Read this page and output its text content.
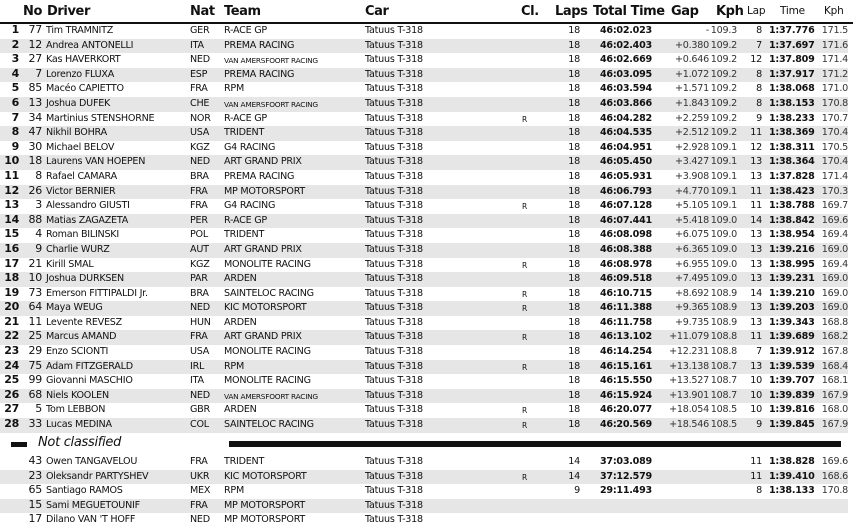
No Driver	Nat Team	Car	Cl. Laps Total Time Gap Kph Lap Time Kph
1 77 Tim TRAMNITZ	GER R-ACE GP	Tatuus T-318	18 46:02.023	- 109.3 8 1:37.776 171.5
2 12 Andrea ANTONELLI	ITA PREMA RACING	Tatuus T-318	18 46:02.403 +0.380 109.2 7 1:37.697 171.6
3 27 Kas HAVERKORT	NED VAN AMERSFOORT RACING	Tatuus T-318	18 46:02.669 +0.646 109.2 12 1:37.809 171.4
4 7 Lorenzo FLUXA	ESP PREMA RACING	Tatuus T-318	18 46:03.095 +1.072 109.2 8 1:37.917 171.2
5 85 Macéo CAPIETTO	FRA RPM	Tatuus T-318	18 46:03.594 +1.571 109.2 8 1:38.068 171.0
6 13 Joshua DUFEK	CHE VAN AMERSFOORT RACING	Tatuus T-318	18 46:03.866 +1.843 109.2 8 1:38.153 170.8
7 34 Martinius STENSHORNE	NOR R-ACE GP	Tatuus T-318	R	18 46:04.282 +2.259 109.2 9 1:38.233 170.7
8 47 Nikhil BOHRA	USA TRIDENT	Tatuus T-318	18 46:04.535 +2.512 109.2 11 1:38.369 170.4
9 30 Michael BELOV	KGZ G4 RACING	Tatuus T-318	18 46:04.951 +2.928 109.1 12 1:38.311 170.5
10 18 Laurens VAN HOEPEN	NED ART GRAND PRIX	Tatuus T-318	18 46:05.450 +3.427 109.1 13 1:38.364 170.4
11 8 Rafael CAMARA	BRA PREMA RACING	Tatuus T-318	18 46:05.931 +3.908 109.1 13 1:37.828 171.4
12 26 Victor BERNIER	FRA MP MOTORSPORT	Tatuus T-318	18 46:06.793 +4.770 109.1 11 1:38.423 170.3
13 3 Alessandro GIUSTI	FRA G4 RACING	Tatuus T-318	R	18 46:07.128 +5.105 109.1 11 1:38.788 169.7
14 88 Matias ZAGAZETA	PER R-ACE GP	Tatuus T-318	18 46:07.441 +5.418 109.0 14 1:38.842 169.6
15 4 Roman BILINSKI	POL TRIDENT	Tatuus T-318	18 46:08.098 +6.075 109.0 13 1:38.954 169.4
16 9 Charlie WURZ	AUT ART GRAND PRIX	Tatuus T-318	18 46:08.388 +6.365 109.0 13 1:39.216 169.0
17 21 Kirill SMAL	KGZ MONOLITE RACING	Tatuus T-318	R	18 46:08.978 +6.955 109.0 13 1:38.995 169.4
18 10 Joshua DURKSEN	PAR ARDEN	Tatuus T-318	18 46:09.518 +7.495 109.0 13 1:39.231 169.0
19 73 Emerson FITTIPALDI Jr.	BRA SAINTELOC RACING	Tatuus T-318	R	18 46:10.715 +8.692 108.9 14 1:39.210 169.0
20 64 Maya WEUG	NED KIC MOTORSPORT	Tatuus T-318	R	18 46:11.388 +9.365 108.9 13 1:39.203 169.0
21 11 Levente REVESZ	HUN ARDEN	Tatuus T-318	18 46:11.758 +9.735 108.9 13 1:39.343 168.8
22 25 Marcus AMAND	FRA ART GRAND PRIX	Tatuus T-318	R	18 46:13.102 +11.079 108.8 11 1:39.689 168.2
23 29 Enzo SCIONTI	USA MONOLITE RACING	Tatuus T-318	18 46:14.254 +12.231 108.8 7 1:39.912 167.8
24 75 Adam FITZGERALD	IRL RPM	Tatuus T-318	R	18 46:15.161 +13.138 108.7 13 1:39.539 168.4
25 99 Giovanni MASCHIO	ITA MONOLITE RACING	Tatuus T-318	18 46:15.550 +13.527 108.7 10 1:39.707 168.1
26 68 Niels KOOLEN	NED VAN AMERSFOORT RACING	Tatuus T-318	18 46:15.924 +13.901 108.7 10 1:39.839 167.9
27 5 Tom LEBBON	GBR ARDEN	Tatuus T-318	R	18 46:20.077 +18.054 108.5 10 1:39.816 168.0
28 33 Lucas MEDINA	COL SAINTELOC RACING	Tatuus T-318	R	18 46:20.569 +18.546 108.5 9 1:39.845 167.9
Not classified
43 Owen TANGAVELOU	FRA TRIDENT	Tatuus T-318	14 37:03.089	11 1:38.828 169.6
23 Oleksandr PARTYSHEV	UKR KIC MOTORSPORT	Tatuus T-318	R	14 37:12.579	11 1:39.410 168.6
65 Santiago RAMOS	MEX RPM	Tatuus T-318	9 29:11.493	8 1:38.133 170.8
15 Sami MEGUETOUNIF	FRA MP MOTORSPORT	Tatuus T-318
17 Dilano VAN 'T HOFF	NED MP MOTORSPORT	Tatuus T-318
